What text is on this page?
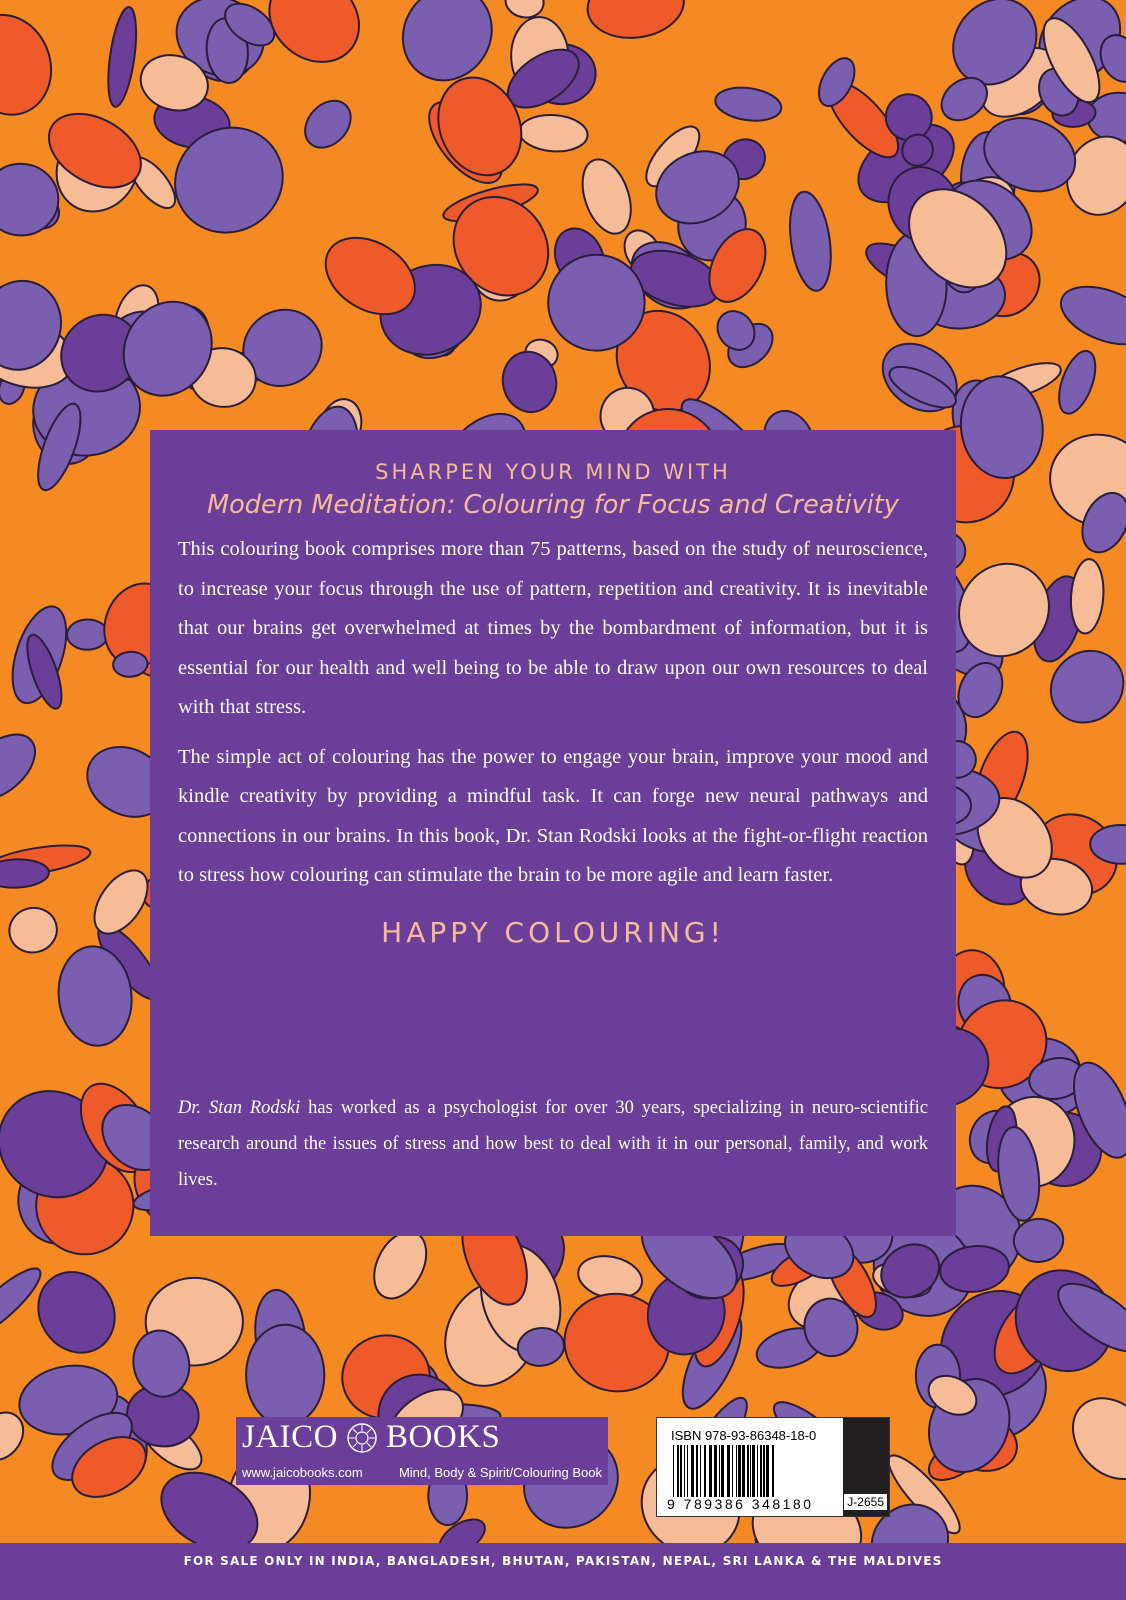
SHARPEN YOUR MIND WITH

Modern Meditation: Colouring for Focus and Creativity

This colouring book comprises more than 75 patterns, based on the study of neuroscience, to increase your focus through the use of pattern, repetition and creativity. It is inevitable that our brains get overwhelmed at times by the bombardment of information, but it is essential for our health and well being to be able to draw upon our own resources to deal with that stress.

The simple act of colouring has the power to engage your brain, improve your mood and kindle creativity by providing a mindful task. It can forge new neural pathways and connections in our brains. In this book, Dr. Stan Rodski looks at the fight-or-flight reaction to stress how colouring can stimulate the brain to be more agile and learn faster.

HAPPY COLOURING!

Dr. Stan Rodski has worked as a psychologist for over 30 years, specializing in neuro-scientific research around the issues of stress and how best to deal with it in our personal, family, and work lives.

JAICO BOOKS
www.jaicobooks.com	Mind, Body & Spirit/Colouring Book
ISBN 978-93-86348-18-0
9 789386 348180	J-2655
FOR SALE ONLY IN INDIA, BANGLADESH, BHUTAN, PAKISTAN, NEPAL, SRI LANKA & THE MALDIVES
